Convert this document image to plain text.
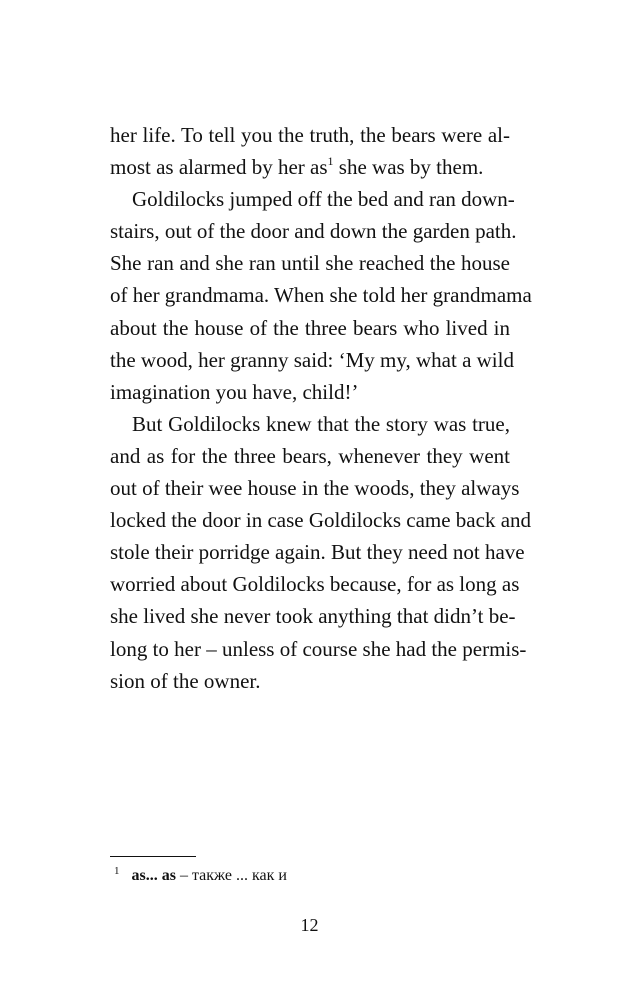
her life. To tell you the truth, the bears were al-
most as alarmed by her $as^1$ she was by them.
Goldilocks jumped off the bed and ran down-
stairs, out of the door and down the garden path.
She ran and she ran until she reached the house
of her grandmama. When she told her grandmama
about the house of the three bears who lived in
the wood, her granny said: ‘My my, what a wild
imagination you have, child!’
But Goldilocks knew that the story was true,
and as for the three bears, whenever they went
out of their wee house in the woods, they always
locked the door in case Goldilocks came back and
stole their porridge again. But they need not have
worried about Goldilocks because, for as long as
she lived she never took anything that didn’t be-
long to her – unless of course she had the permis-
sion of the owner.
$^1$ as... as – также ... как и
12
